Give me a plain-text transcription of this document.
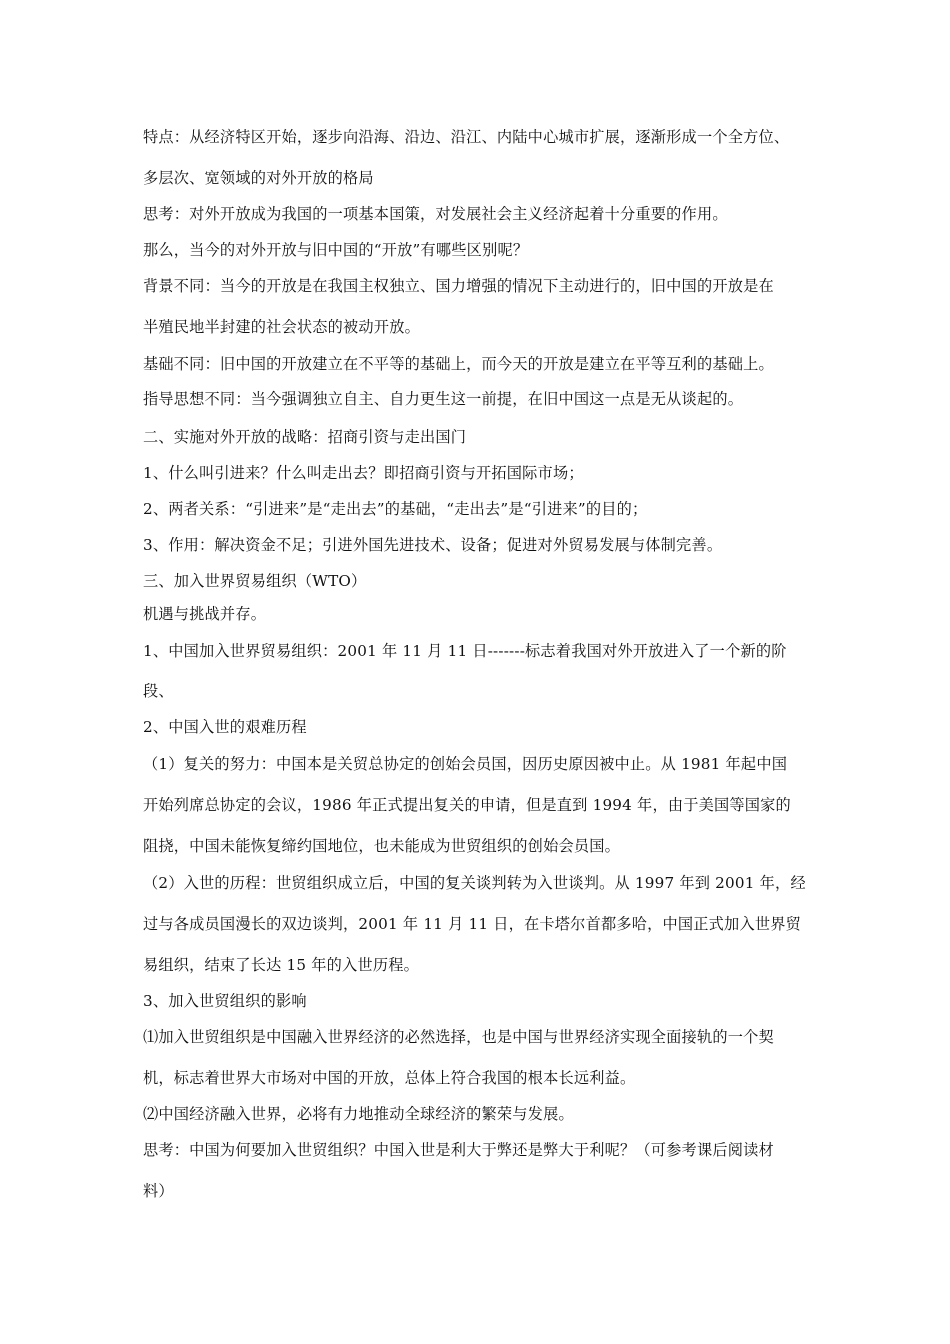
特点：从经济特区开始，逐步向沿海、沿边、沿江、内陆中心城市扩展，逐渐形成一个全方位、
多层次、宽领域的对外开放的格局
思考：对外开放成为我国的一项基本国策，对发展社会主义经济起着十分重要的作用。
那么，当今的对外开放与旧中国的“开放”有哪些区别呢？
背景不同：当今的开放是在我国主权独立、国力增强的情况下主动进行的，旧中国的开放是在
半殖民地半封建的社会状态的被动开放。
基础不同：旧中国的开放建立在不平等的基础上，而今天的开放是建立在平等互利的基础上。
指导思想不同：当今强调独立自主、自力更生这一前提，在旧中国这一点是无从谈起的。
二、实施对外开放的战略：招商引资与走出国门
1、什么叫引进来？什么叫走出去？即招商引资与开拓国际市场；
2、两者关系：“引进来”是“走出去”的基础，“走出去”是“引进来”的目的；
3、作用：解决资金不足；引进外国先进技术、设备；促进对外贸易发展与体制完善。
三、加入世界贸易组织（WTO）
机遇与挑战并存。
1、中国加入世界贸易组织：2001 年 11 月 11 日-------标志着我国对外开放进入了一个新的阶
段、
2、中国入世的艰难历程
（1）复关的努力：中国本是关贸总协定的创始会员国，因历史原因被中止。从 1981 年起中国
开始列席总协定的会议，1986 年正式提出复关的申请，但是直到 1994 年，由于美国等国家的
阻挠，中国未能恢复缔约国地位，也未能成为世贸组织的创始会员国。
（2）入世的历程：世贸组织成立后，中国的复关谈判转为入世谈判。从 1997 年到 2001 年，经
过与各成员国漫长的双边谈判，2001 年 11 月 11 日，在卡塔尔首都多哈，中国正式加入世界贸
易组织，结束了长达 15 年的入世历程。
3、加入世贸组织的影响
⑴加入世贸组织是中国融入世界经济的必然选择，也是中国与世界经济实现全面接轨的一个契
机，标志着世界大市场对中国的开放，总体上符合我国的根本长远利益。
⑵中国经济融入世界，必将有力地推动全球经济的繁荣与发展。
思考：中国为何要加入世贸组织？中国入世是利大于弊还是弊大于利呢？（可参考课后阅读材
料）
